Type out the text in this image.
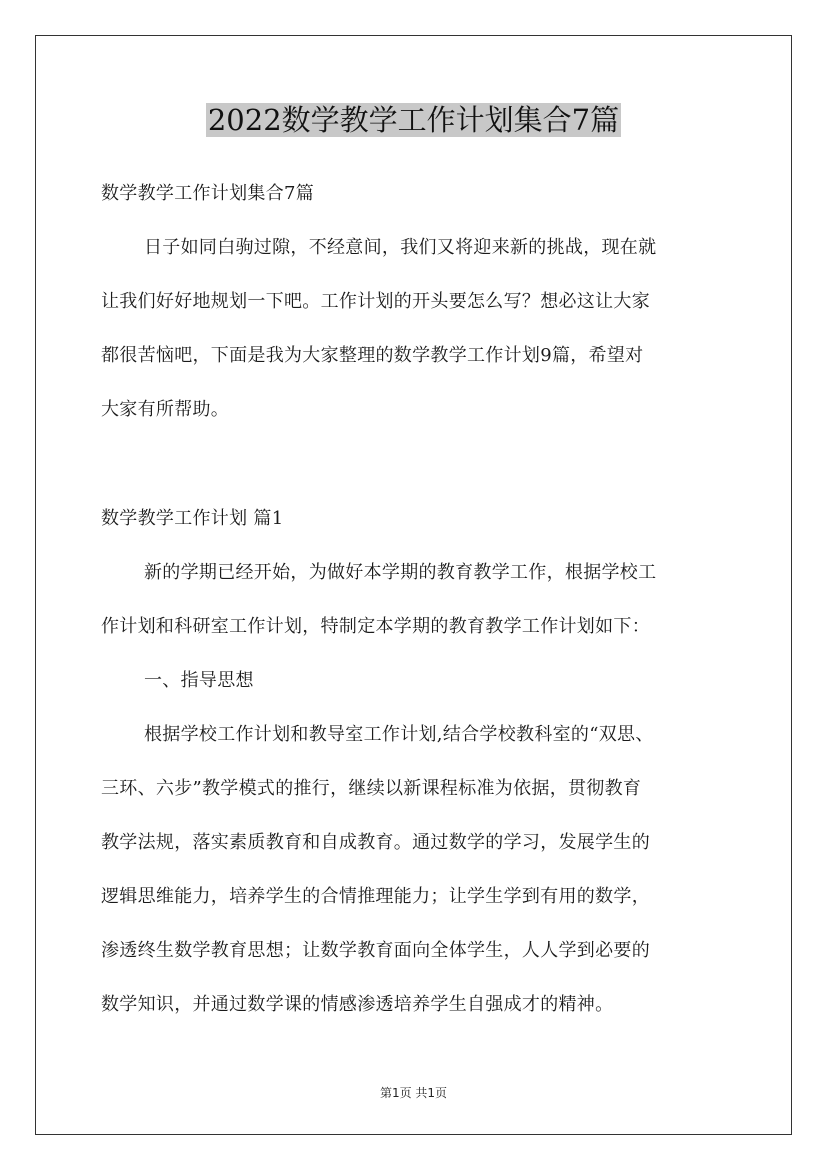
2022数学教学工作计划集合7篇
数学教学工作计划集合7篇
日子如同白驹过隙，不经意间，我们又将迎来新的挑战，现在就
让我们好好地规划一下吧。工作计划的开头要怎么写？想必这让大家
都很苦恼吧，下面是我为大家整理的数学教学工作计划9篇，希望对
大家有所帮助。
数学教学工作计划 篇1
新的学期已经开始，为做好本学期的教育教学工作，根据学校工
作计划和科研室工作计划，特制定本学期的教育教学工作计划如下：
一、指导思想
根据学校工作计划和教导室工作计划,结合学校教科室的“双思、
三环、六步”教学模式的推行，继续以新课程标准为依据，贯彻教育
教学法规，落实素质教育和自成教育。通过数学的学习，发展学生的
逻辑思维能力，培养学生的合情推理能力；让学生学到有用的数学，
渗透终生数学教育思想；让数学教育面向全体学生，人人学到必要的
数学知识，并通过数学课的情感渗透培养学生自强成才的精神。
第1页 共1页
